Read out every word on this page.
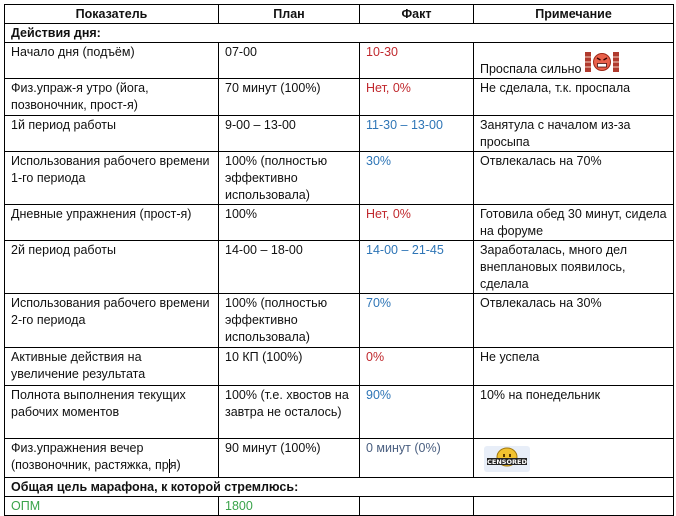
Показатель	План	Факт	Примечание
Действия дня:			
Начало дня (подъём)	07-00	10-30	Проспала сильно
Физ.упраж-я утро (йога, позвоночник, прост-я)	70 минут (100%)	Нет, 0%	Не сделала, т.к. проспала
1й период работы	9-00 – 13-00	11-30 – 13-00	Занятула с началом из-за просыпа
Использования рабочего времени 1-го периода	100% (полностью эффективно использовала)	30%	Отвлекалась на 70%
Дневные упражнения (прост-я)	100%	Нет, 0%	Готовила обед 30 минут, сидела на форуме
2й период работы	14-00 – 18-00	14-00 – 21-45	Заработалась, много дел внеплановых появилось, сделала
Использования рабочего времени 2-го периода	100% (полностью эффективно использовала)	70%	Отвлекалась на 30%
Активные действия на увеличение результата	10 КП (100%)	0%	Не успела
Полнота выполнения текущих рабочих моментов	100% (т.е. хвостов на завтра не осталось)	90%	10% на понедельник
Физ.упражнения вечер (позвоночник, растяжка, пря)	90 минут (100%)	0 минут (0%)	CENSORED

Общая цель марафона, к которой стремлюсь:			
ОПМ	1800		
